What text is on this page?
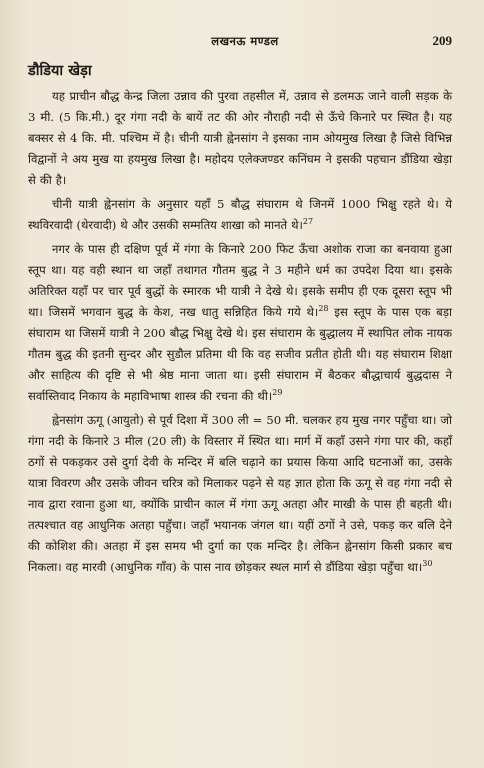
लखनऊ मण्डल	209
डौडिया खेड़ा

यह प्राचीन बौद्ध केन्द्र जिला उन्नाव की पुरवा तहसील में, उन्नाव से डलमऊ जाने वाली सड़क के 3 मी. (5 कि.मी.) दूर गंगा नदी के बायें तट की ओर नौराही नदी से ऊँचे किनारे पर स्थित है। यह बक्सर से 4 कि. मी. पश्चिम में है। चीनी यात्री ह्वेनसांग ने इसका नाम ओयमुख लिखा है जिसे विभिन्न विद्वानों ने अय मुख या हयमुख लिखा है। महोदय एलेक्जण्डर कनिंघम ने इसकी पहचान डौंडिया खेड़ा से की है।

चीनी यात्री ह्वेनसांग के अनुसार यहाँ 5 बौद्ध संघाराम थे जिनमें 1000 भिक्षु रहते थे। ये स्थविरवादी (थेरवादी) थे और उसकी सम्मतिय शाखा को मानते थे।$^{27}$

नगर के पास ही दक्षिण पूर्व में गंगा के किनारे 200 फिट ऊँचा अशोक राजा का बनवाया हुआ स्तूप था। यह वही स्थान था जहाँ तथागत गौतम बुद्ध ने 3 महीने धर्म का उपदेश दिया था। इसके अतिरिक्त यहाँ पर चार पूर्व बुद्धों के स्मारक भी यात्री ने देखे थे। इसके समीप ही एक दूसरा स्तूप भी था। जिसमें भगवान बुद्ध के केश, नख धातु सन्निहित किये गये थे।$^{28}$ इस स्तूप के पास एक बड़ा संघाराम था जिसमें यात्री ने 200 बौद्ध भिक्षु देखे थे। इस संघाराम के बुद्धालय में स्थापित लोक नायक गौतम बुद्ध की इतनी सुन्दर और सुडौल प्रतिमा थी कि वह सजीव प्रतीत होती थी। यह संघाराम शिक्षा और साहित्य की दृष्टि से भी श्रेष्ठ माना जाता था। इसी संघाराम में बैठकर बौद्धाचार्य बुद्धदास ने सर्वास्तिवाद निकाय के महाविभाषा शास्त्र की रचना की थी।$^{29}$

ह्वेनसांग ऊगू (आयुतो) से पूर्व दिशा में 300 ली = 50 मी. चलकर हय मुख नगर पहुँचा था। जो गंगा नदी के किनारे 3 मील (20 ली) के विस्तार में स्थित था। मार्ग में कहाँ उसने गंगा पार की, कहाँ ठगों से पकड़कर उसे दुर्गा देवी के मन्दिर में बलि चढ़ाने का प्रयास किया आदि घटनाओं का, उसके यात्रा विवरण और उसके जीवन चरित्र को मिलाकर पढ़ने से यह ज्ञात होता कि ऊगू से वह गंगा नदी से नाव द्वारा रवाना हुआ था, क्योंकि प्राचीन काल में गंगा ऊगू अतहा और माखी के पास ही बहती थी। तत्पश्चात वह आधुनिक अतहा पहुँचा। जहाँ भयानक जंगल था। यहीं ठगों ने उसे, पकड़ कर बलि देने की कोशिश की। अतहा में इस समय भी दुर्गा का एक मन्दिर है। लेकिन ह्वेनसांग किसी प्रकार बच निकला। वह मारवी (आधुनिक गाँव) के पास नाव छोड़कर स्थल मार्ग से डौंडिया खेड़ा पहुँचा था।$^{30}$
